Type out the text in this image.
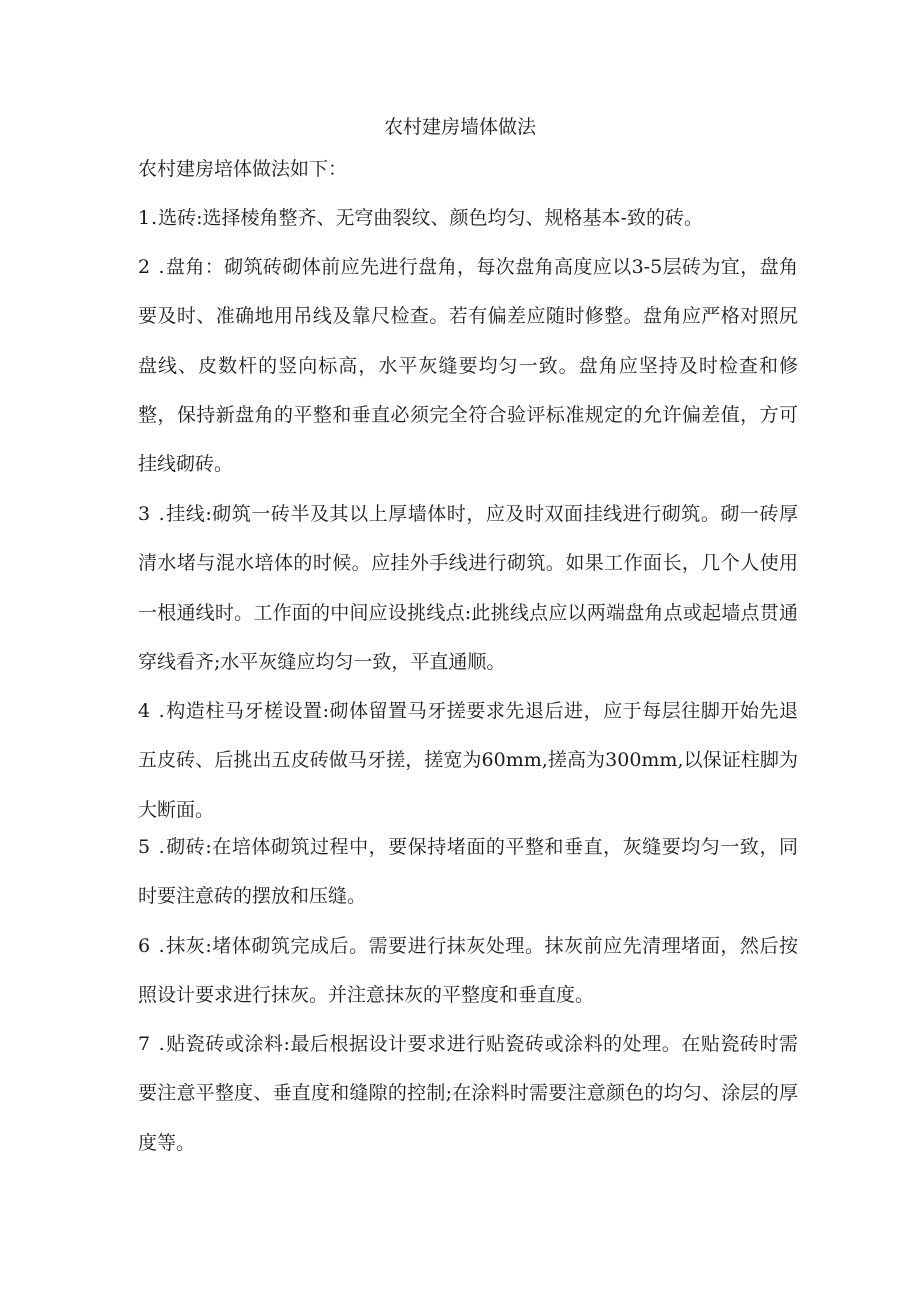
农村建房墙体做法

农村建房培体做法如下：

1.选砖:选择棱角整齐、无穹曲裂纹、颜色均匀、规格基本-致的砖。

2 .盘角：砌筑砖砌体前应先进行盘角，每次盘角高度应以3-5层砖为宜，盘角要及时、准确地用吊线及靠尺检查。若有偏差应随时修整。盘角应严格对照尻盘线、皮数杆的竖向标高，水平灰缝要均匀一致。盘角应坚持及时检查和修整，保持新盘角的平整和垂直必须完全符合验评标准规定的允许偏差值，方可挂线砌砖。

3 .挂线:砌筑一砖半及其以上厚墙体时，应及时双面挂线进行砌筑。砌一砖厚清水堵与混水培体的时候。应挂外手线进行砌筑。如果工作面长，几个人使用一根通线时。工作面的中间应设挑线点:此挑线点应以两端盘角点或起墙点贯通穿线看齐;水平灰缝应均匀一致，平直通顺。

4 .构造柱马牙槎设置:砌体留置马牙搓要求先退后进，应于每层往脚开始先退五皮砖、后挑出五皮砖做马牙搓，搓宽为60mm,搓高为300mm,以保证柱脚为大断面。

5 .砌砖:在培体砌筑过程中，要保持堵面的平整和垂直，灰缝要均匀一致，同时要注意砖的摆放和压缝。

6 .抹灰:堵体砌筑完成后。需要进行抹灰处理。抹灰前应先清理堵面，然后按照设计要求进行抹灰。并注意抹灰的平整度和垂直度。

7 .贴瓷砖或涂料:最后根据设计要求进行贴瓷砖或涂料的处理。在贴瓷砖时需要注意平整度、垂直度和缝隙的控制;在涂料时需要注意颜色的均匀、涂层的厚度等。
